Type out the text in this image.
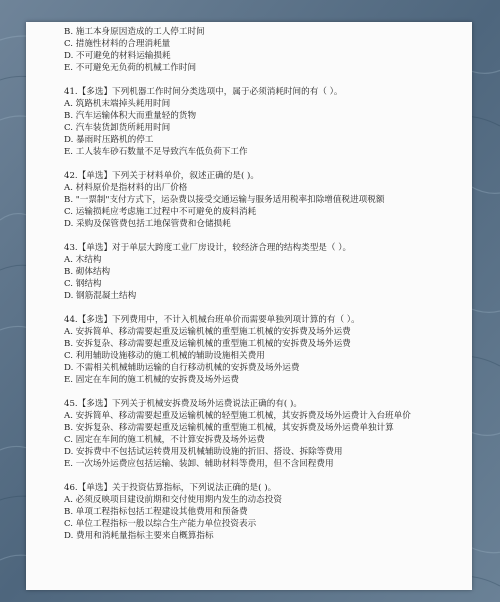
B. 施工本身原因造成的工人停工时间
C. 措施性材料的合理消耗量
D. 不可避免的材料运输损耗
E. 不可避免无负荷的机械工作时间
41.【多选】下列机器工作时间分类选项中，属于必须消耗时间的有（ ）。
A. 筑路机末端掉头耗用时间
B. 汽车运输体积大而重量轻的货物
C. 汽车装货卸货所耗用时间
D. 暴雨时压路机的停工
E. 工人装车砂石数量不足导致汽车低负荷下工作
42.【单选】下列关于材料单价，叙述正确的是( )。
A. 材料原价是指材料的出厂价格
B. "一票制"支付方式下，运杂费以接受交通运输与服务适用税率扣除增值税进项税额
C. 运输损耗应考虑施工过程中不可避免的废料消耗
D. 采购及保管费包括工地保管费和仓储损耗
43.【单选】对于单层大跨度工业厂房设计，较经济合理的结构类型是（ ）。
A. 木结构
B. 砌体结构
C. 钢结构
D. 钢筋混凝土结构
44.【多选】下列费用中，不计入机械台班单价而需要单独列项计算的有（ ）。
A. 安拆简单、移动需要起重及运输机械的重型施工机械的安拆费及场外运费
B. 安拆复杂、移动需要起重及运输机械的重型施工机械的安拆费及场外运费
C. 利用辅助设施移动的施工机械的辅助设施相关费用
D. 不需相关机械辅助运输的自行移动机械的安拆费及场外运费
E. 固定在车间的施工机械的安拆费及场外运费
45.【多选】下列关于机械安拆费及场外运费说法正确的有( )。
A. 安拆简单、移动需要起重及运输机械的轻型施工机械，其安拆费及场外运费计入台班单价
B. 安拆复杂、移动需要起重及运输机械的重型施工机械，其安拆费及场外运费单独计算
C. 固定在车间的施工机械，不计算安拆费及场外运费
D. 安拆费中不包括试运转费用及机械辅助设施的折旧、搭设、拆除等费用
E. 一次场外运费应包括运输、装卸、辅助材料等费用，但不含回程费用
46.【单选】关于投资估算指标，下列说法正确的是( )。
A. 必须反映项目建设前期和交付使用期内发生的动态投资
B. 单项工程指标包括工程建设其他费用和预备费
C. 单位工程指标一般以综合生产能力单位投资表示
D. 费用和消耗量指标主要来自概算指标
